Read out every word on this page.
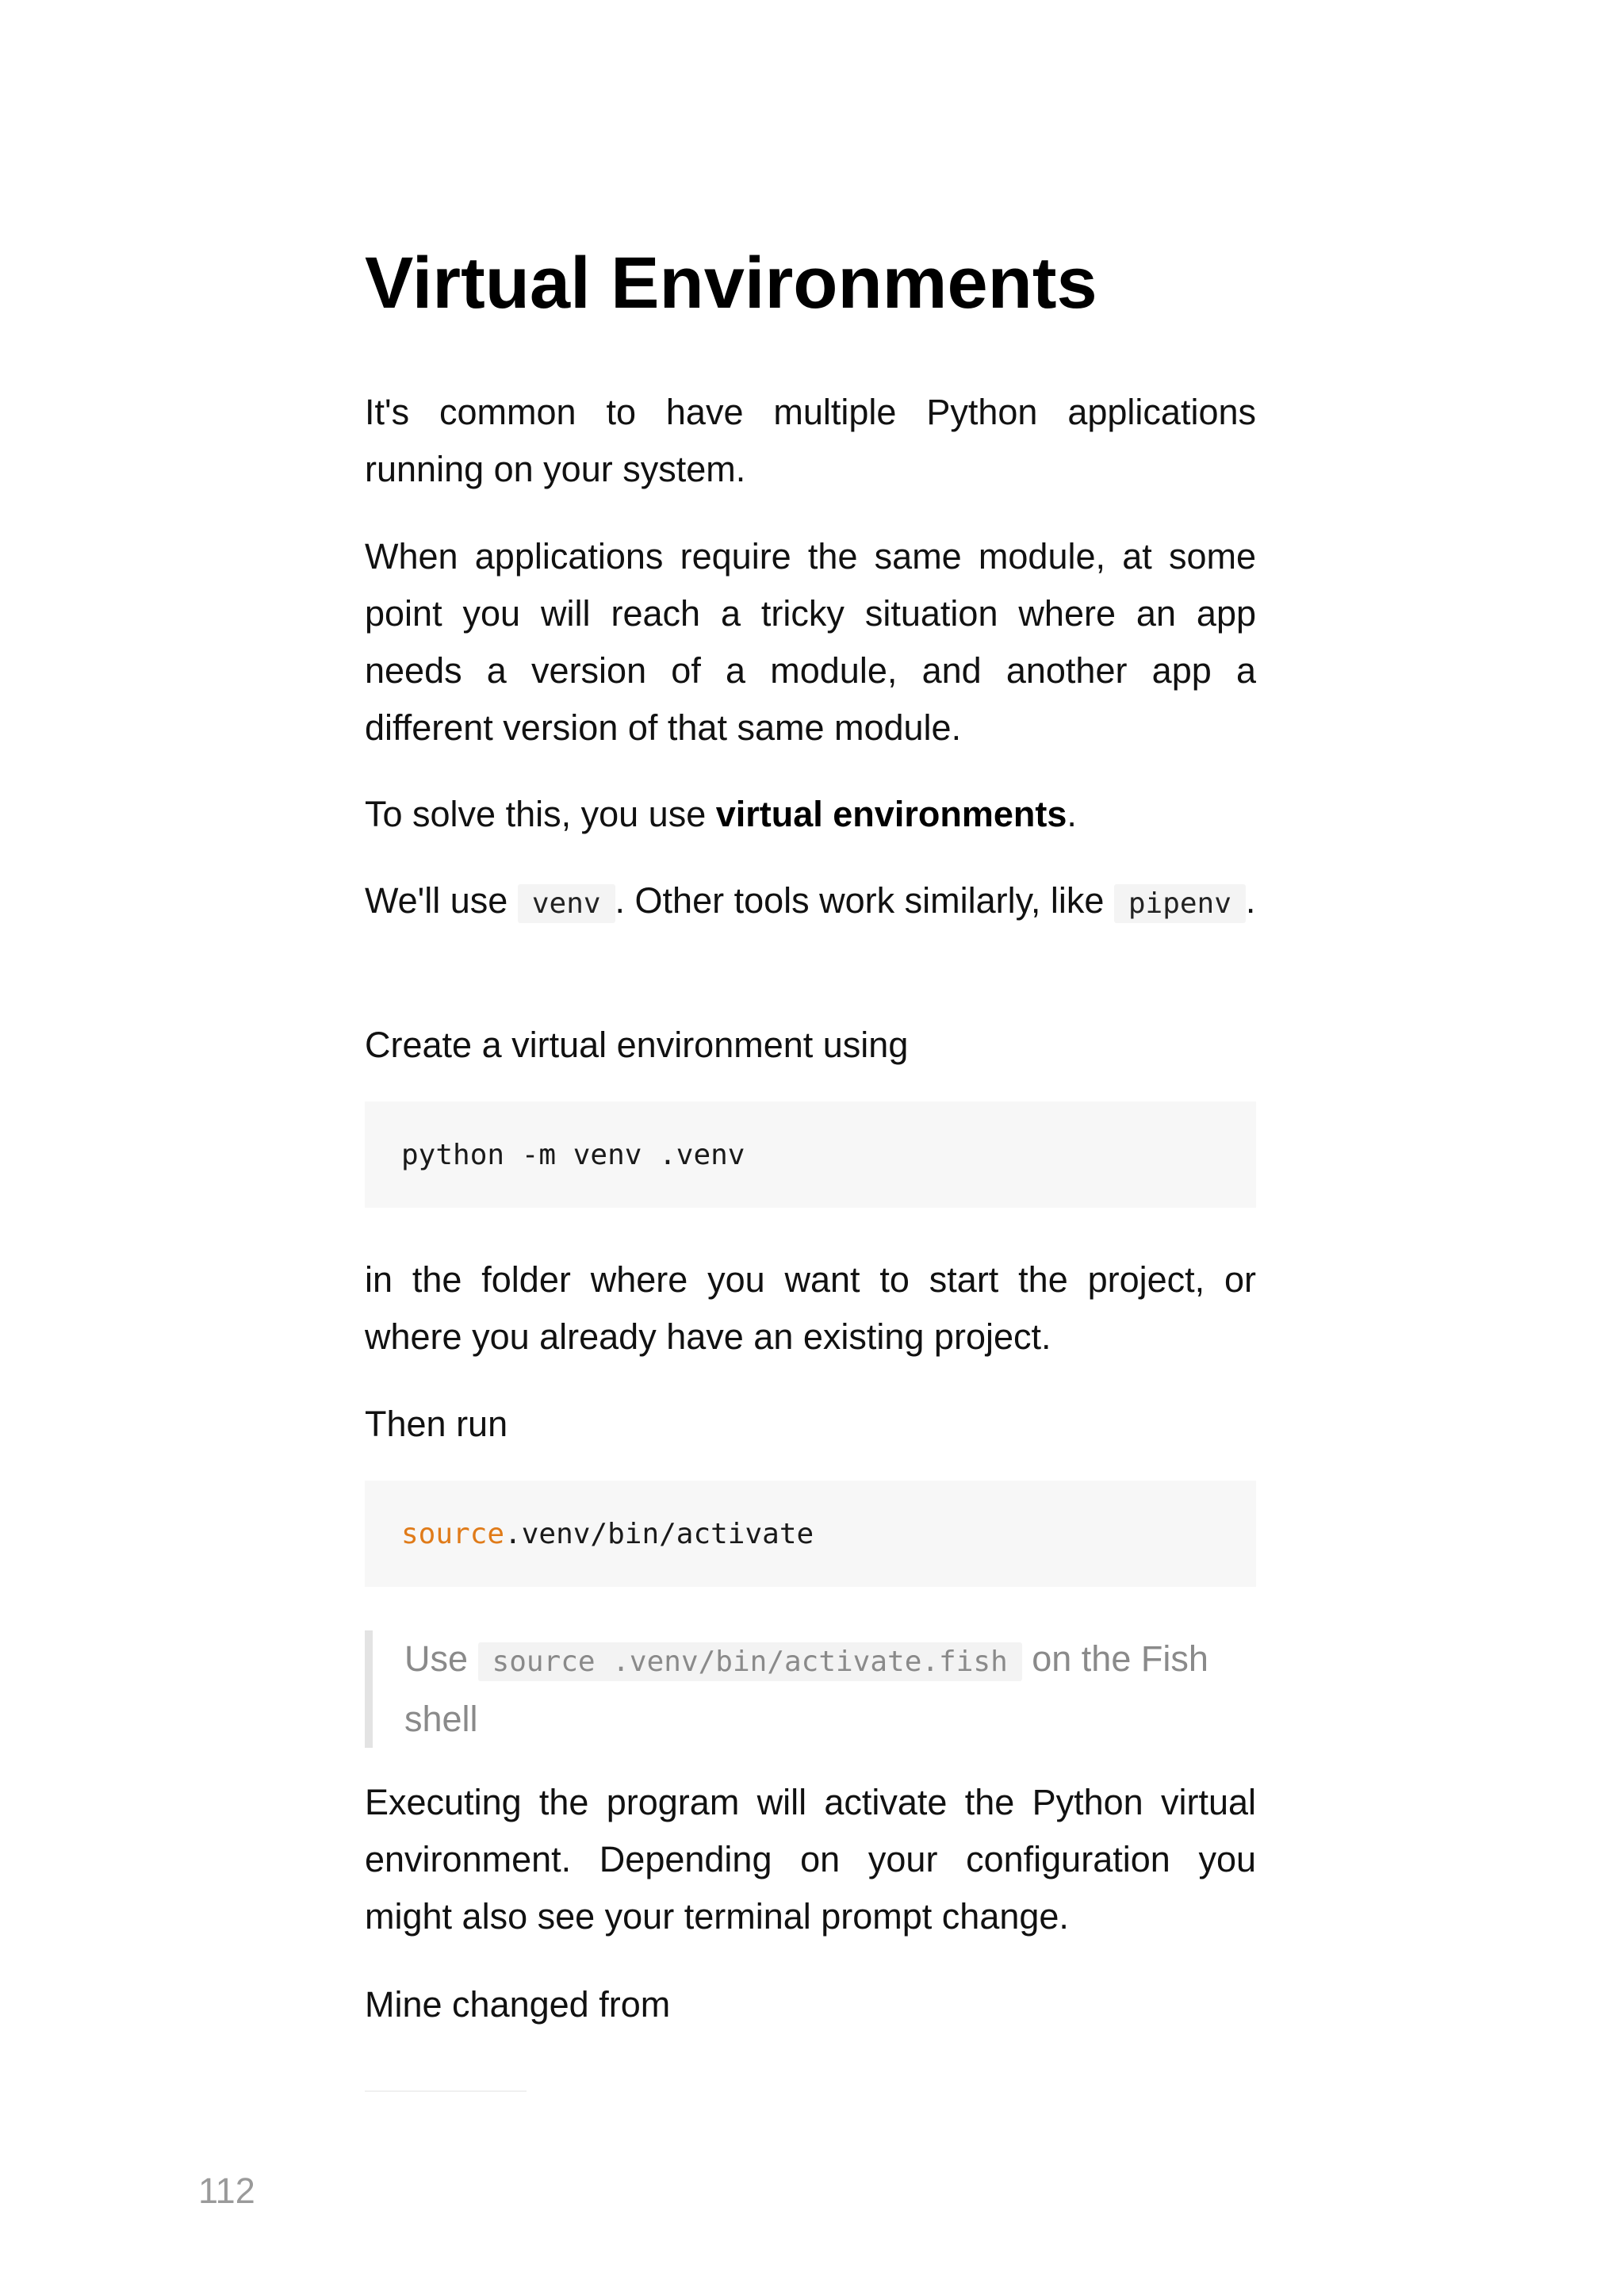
Virtual Environments

It's common to have multiple Python applications running on your system.

When applications require the same module, at some point you will reach a tricky situation where an app needs a version of a module, and another app a different version of that same module.

To solve this, you use virtual environments.

We'll use venv . Other tools work similarly, like pipenv .

Create a virtual environment using

python -m venv .venv

in the folder where you want to start the project, or where you already have an existing project.

Then run

source .venv/bin/activate
Use source .venv/bin/activate.fish on the Fish shell

Executing the program will activate the Python virtual environment. Depending on your configuration you might also see your terminal prompt change.

Mine changed from

112
